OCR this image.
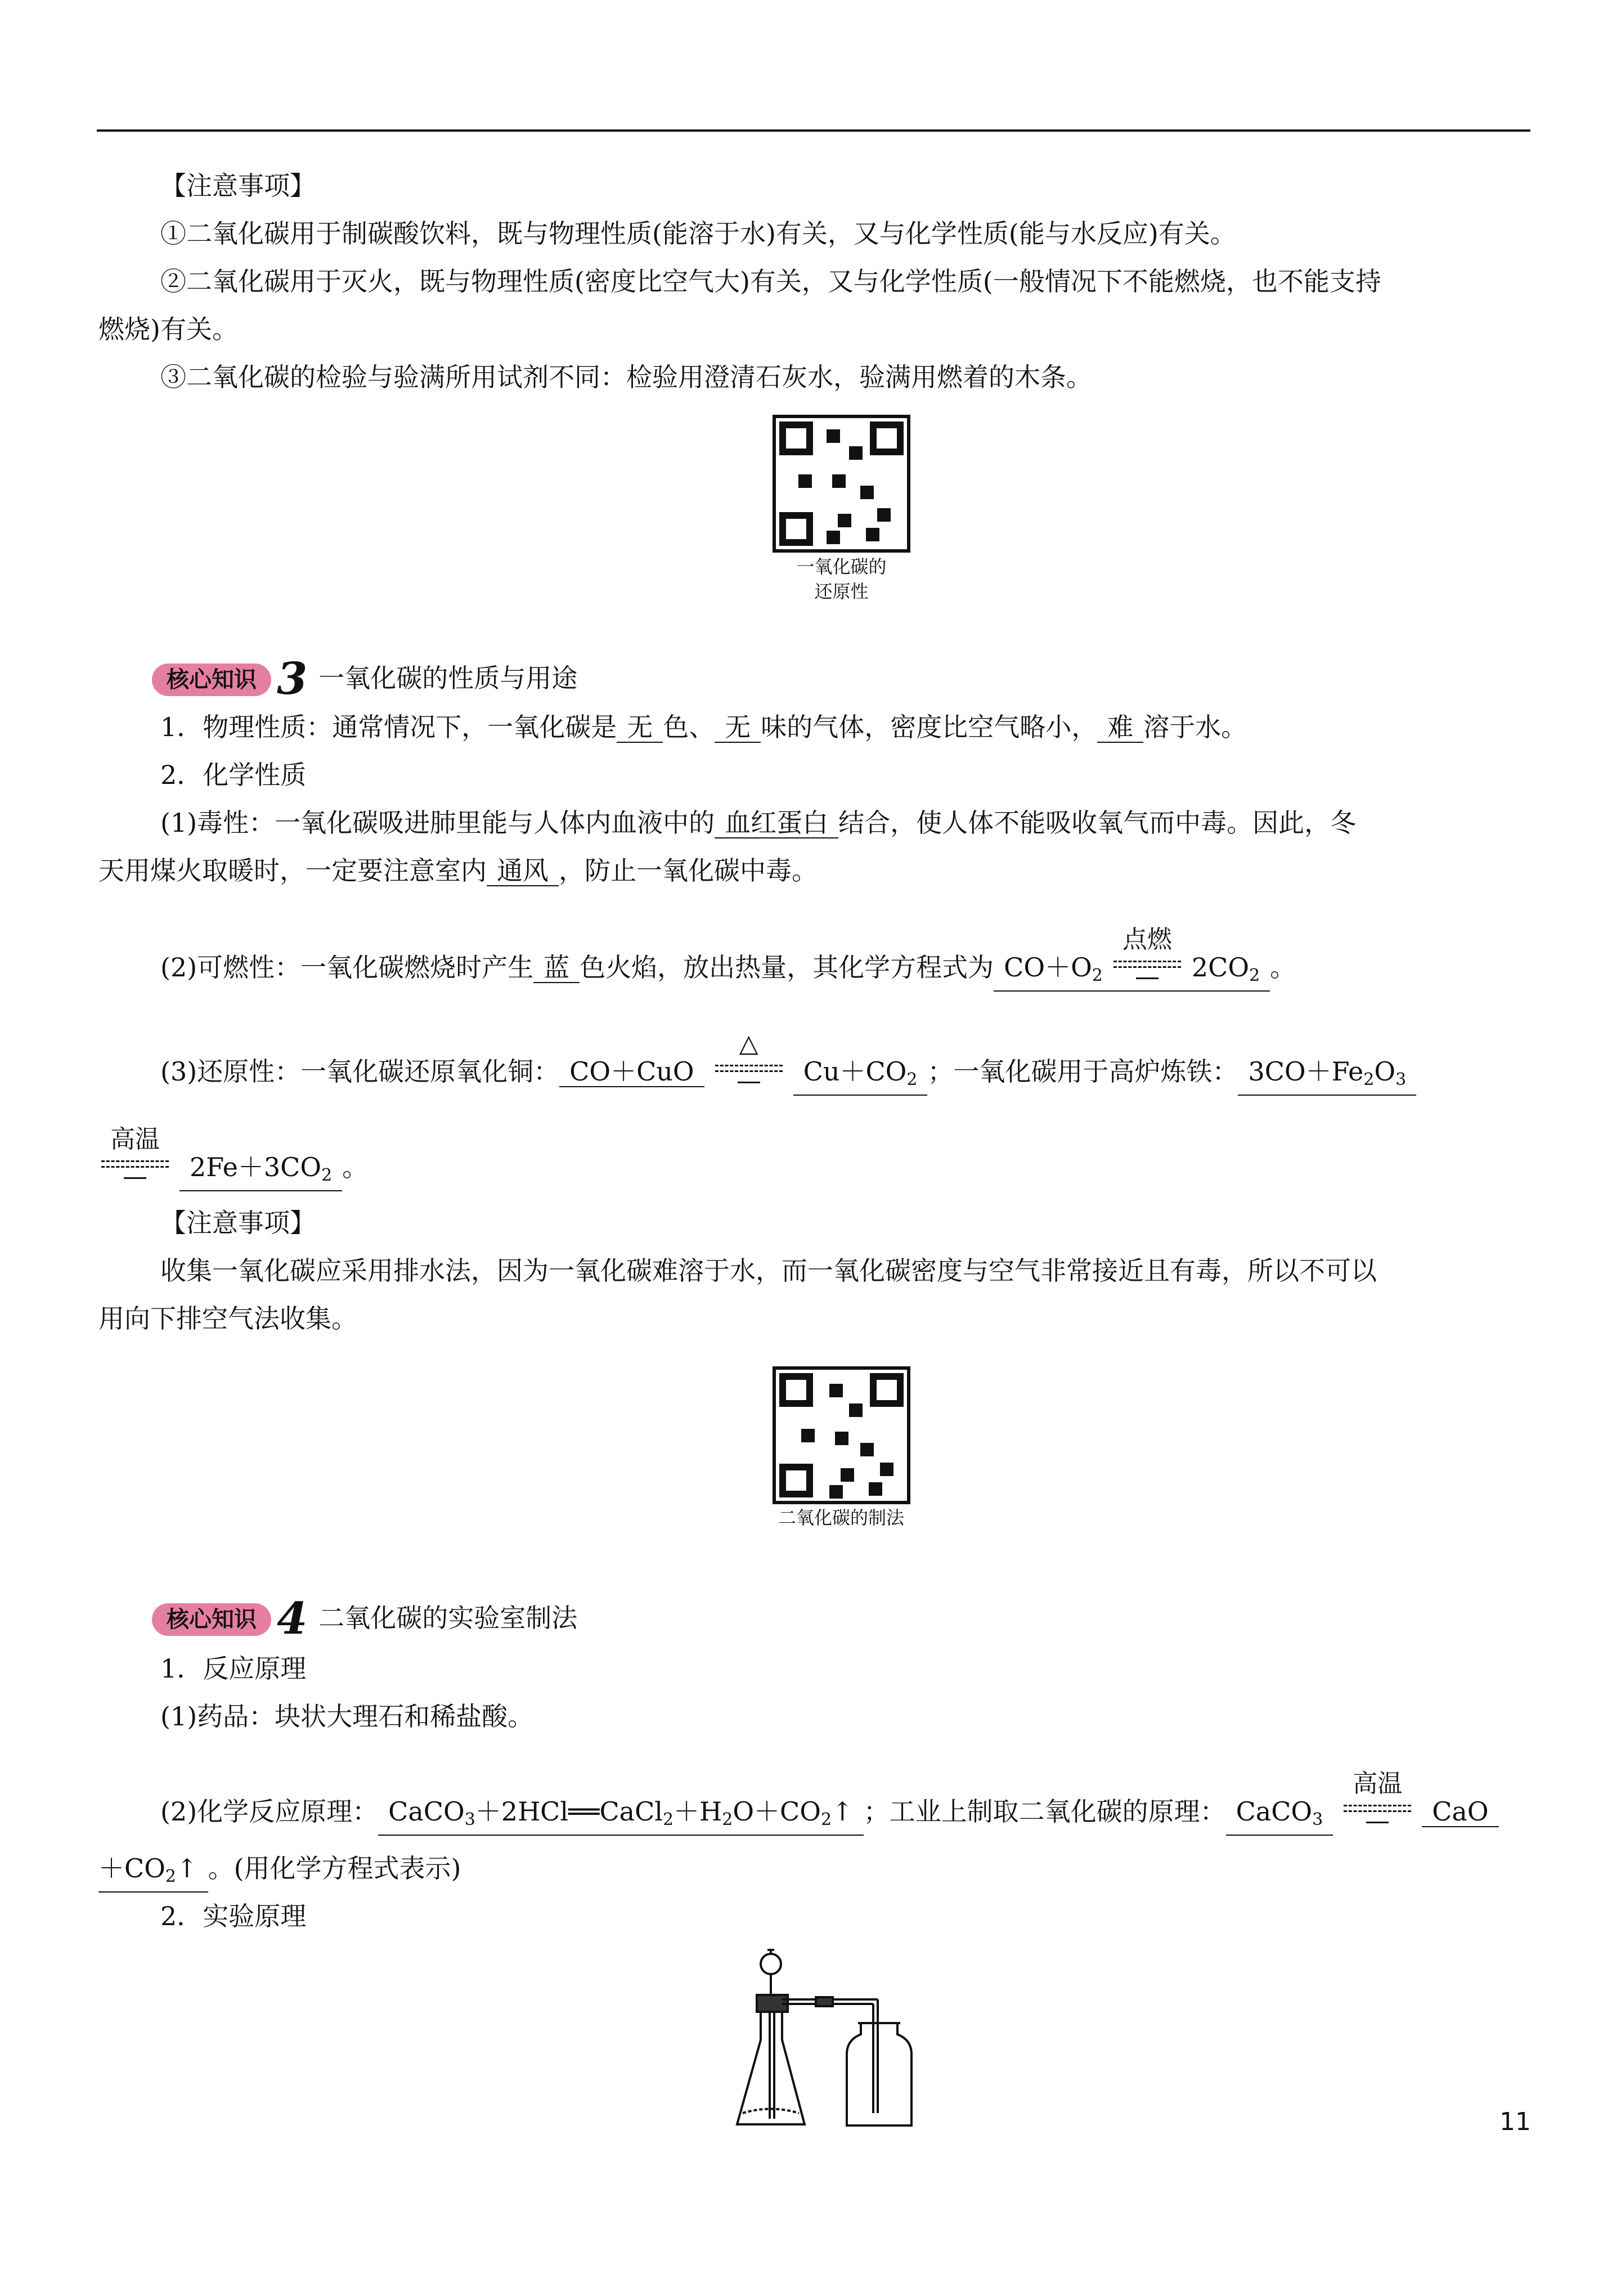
【注意事项】
①二氧化碳用于制碳酸饮料，既与物理性质(能溶于水)有关，又与化学性质(能与水反应)有关。
②二氧化碳用于灭火，既与物理性质(密度比空气大)有关，又与化学性质(一般情况下不能燃烧，也不能支持
燃烧)有关。
③二氧化碳的检验与验满所用试剂不同：检验用澄清石灰水，验满用燃着的木条。
一氧化碳的
还原性
核心知识 3 一氧化碳的性质与用途
1．物理性质：通常情况下，一氧化碳是 无 色、 无 味的气体，密度比空气略小， 难 溶于水。
2．化学性质
(1)毒性：一氧化碳吸进肺里能与人体内血液中的 血红蛋白 结合，使人体不能吸收氧气而中毒。因此，冬
天用煤火取暖时，一定要注意室内 通风 ，防止一氧化碳中毒。
(2)可燃性：一氧化碳燃烧时产生 蓝 色火焰，放出热量，其化学方程式为 $CO+O_2$
点燃
$2CO_2$ 。
(3)还原性：一氧化碳还原氧化铜： CO＋CuO
△
$Cu+CO_2$ ；一氧化碳用于高炉炼铁： $3CO+Fe_2O_3$
高温
$2Fe+3CO_2$ 。
【注意事项】
收集一氧化碳应采用排水法，因为一氧化碳难溶于水，而一氧化碳密度与空气非常接近且有毒，所以不可以
用向下排空气法收集。
二氧化碳的制法
核心知识 4 二氧化碳的实验室制法
1．反应原理
(1)药品：块状大理石和稀盐酸。
(2)化学反应原理： $CaCO_3+2HCl══CaCl_2+H_2O+CO_2↑$ ；工业上制取二氧化碳的原理： CaCO$_3$
高温
CaO
$+CO_2↑$ 。(用化学方程式表示)
2．实验原理
11
